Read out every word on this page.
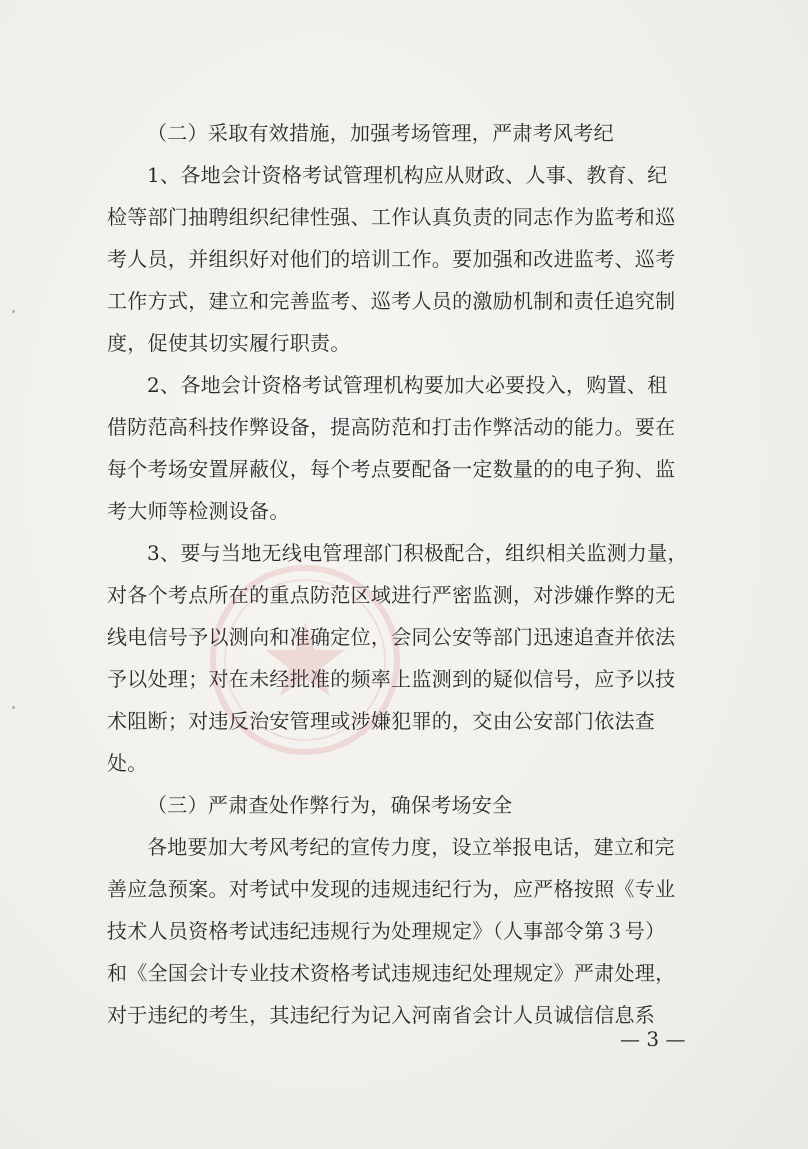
（二）采取有效措施，加强考场管理，严肃考风考纪
1、各地会计资格考试管理机构应从财政、人事、教育、纪
检等部门抽聘组织纪律性强、工作认真负责的同志作为监考和巡
考人员，并组织好对他们的培训工作。要加强和改进监考、巡考
工作方式，建立和完善监考、巡考人员的激励机制和责任追究制
度，促使其切实履行职责。
2、各地会计资格考试管理机构要加大必要投入，购置、租
借防范高科技作弊设备，提高防范和打击作弊活动的能力。要在
每个考场安置屏蔽仪，每个考点要配备一定数量的的电子狗、监
考大师等检测设备。
3、要与当地无线电管理部门积极配合，组织相关监测力量，
对各个考点所在的重点防范区域进行严密监测，对涉嫌作弊的无
线电信号予以测向和准确定位，会同公安等部门迅速追查并依法
予以处理；对在未经批准的频率上监测到的疑似信号，应予以技
术阻断；对违反治安管理或涉嫌犯罪的，交由公安部门依法查
处。
（三）严肃查处作弊行为，确保考场安全
各地要加大考风考纪的宣传力度，设立举报电话，建立和完
善应急预案。对考试中发现的违规违纪行为，应严格按照《专业
技术人员资格考试违纪违规行为处理规定》（人事部令第３号）
和《全国会计专业技术资格考试违规违纪处理规定》严肃处理，
对于违纪的考生，其违纪行为记入河南省会计人员诚信信息系
— 3 —
